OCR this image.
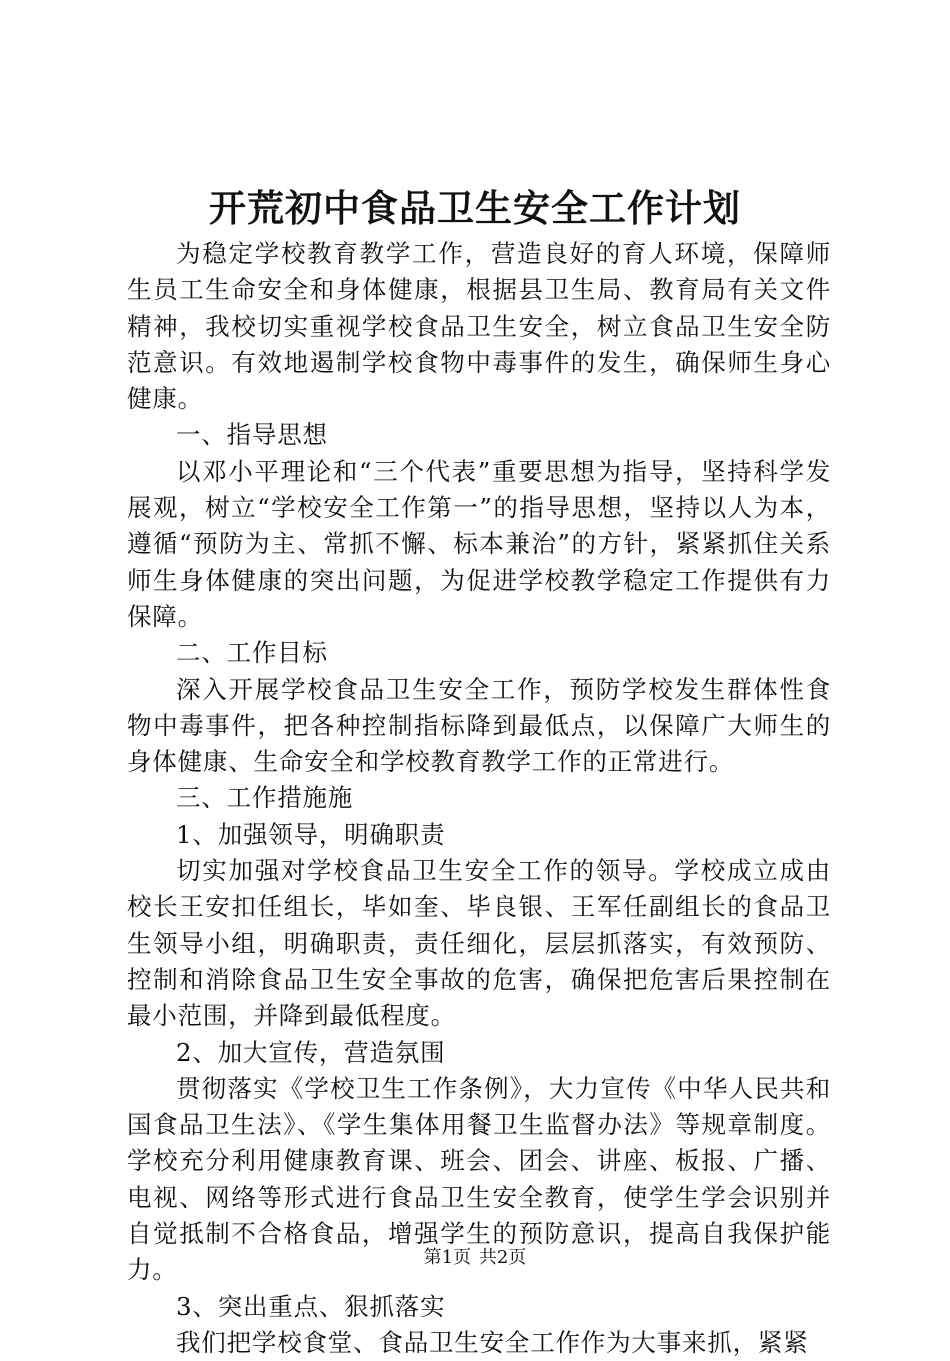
开荒初中食品卫生安全工作计划

为稳定学校教育教学工作，营造良好的育人环境，保障师生员工生命安全和身体健康，根据县卫生局、教育局有关文件精神，我校切实重视学校食品卫生安全，树立食品卫生安全防范意识。有效地遏制学校食物中毒事件的发生，确保师生身心健康。

一、指导思想

以邓小平理论和“三个代表”重要思想为指导，坚持科学发展观，树立“学校安全工作第一”的指导思想，坚持以人为本，遵循“预防为主、常抓不懈、标本兼治”的方针，紧紧抓住关系师生身体健康的突出问题，为促进学校教学稳定工作提供有力保障。

二、工作目标

深入开展学校食品卫生安全工作，预防学校发生群体性食物中毒事件，把各种控制指标降到最低点，以保障广大师生的身体健康、生命安全和学校教育教学工作的正常进行。

三、工作措施施

1、加强领导，明确职责

切实加强对学校食品卫生安全工作的领导。学校成立成由校长王安扣任组长，毕如奎、毕良银、王军任副组长的食品卫生领导小组，明确职责，责任细化，层层抓落实，有效预防、控制和消除食品卫生安全事故的危害，确保把危害后果控制在最小范围，并降到最低程度。

2、加大宣传，营造氛围

贯彻落实《学校卫生工作条例》，大力宣传《中华人民共和国食品卫生法》、《学生集体用餐卫生监督办法》等规章制度。学校充分利用健康教育课、班会、团会、讲座、板报、广播、电视、网络等形式进行食品卫生安全教育，使学生学会识别并自觉抵制不合格食品，增强学生的预防意识，提高自我保护能力。

3、突出重点、狠抓落实

我们把学校食堂、食品卫生安全工作作为大事来抓，紧紧

第1页 共2页
